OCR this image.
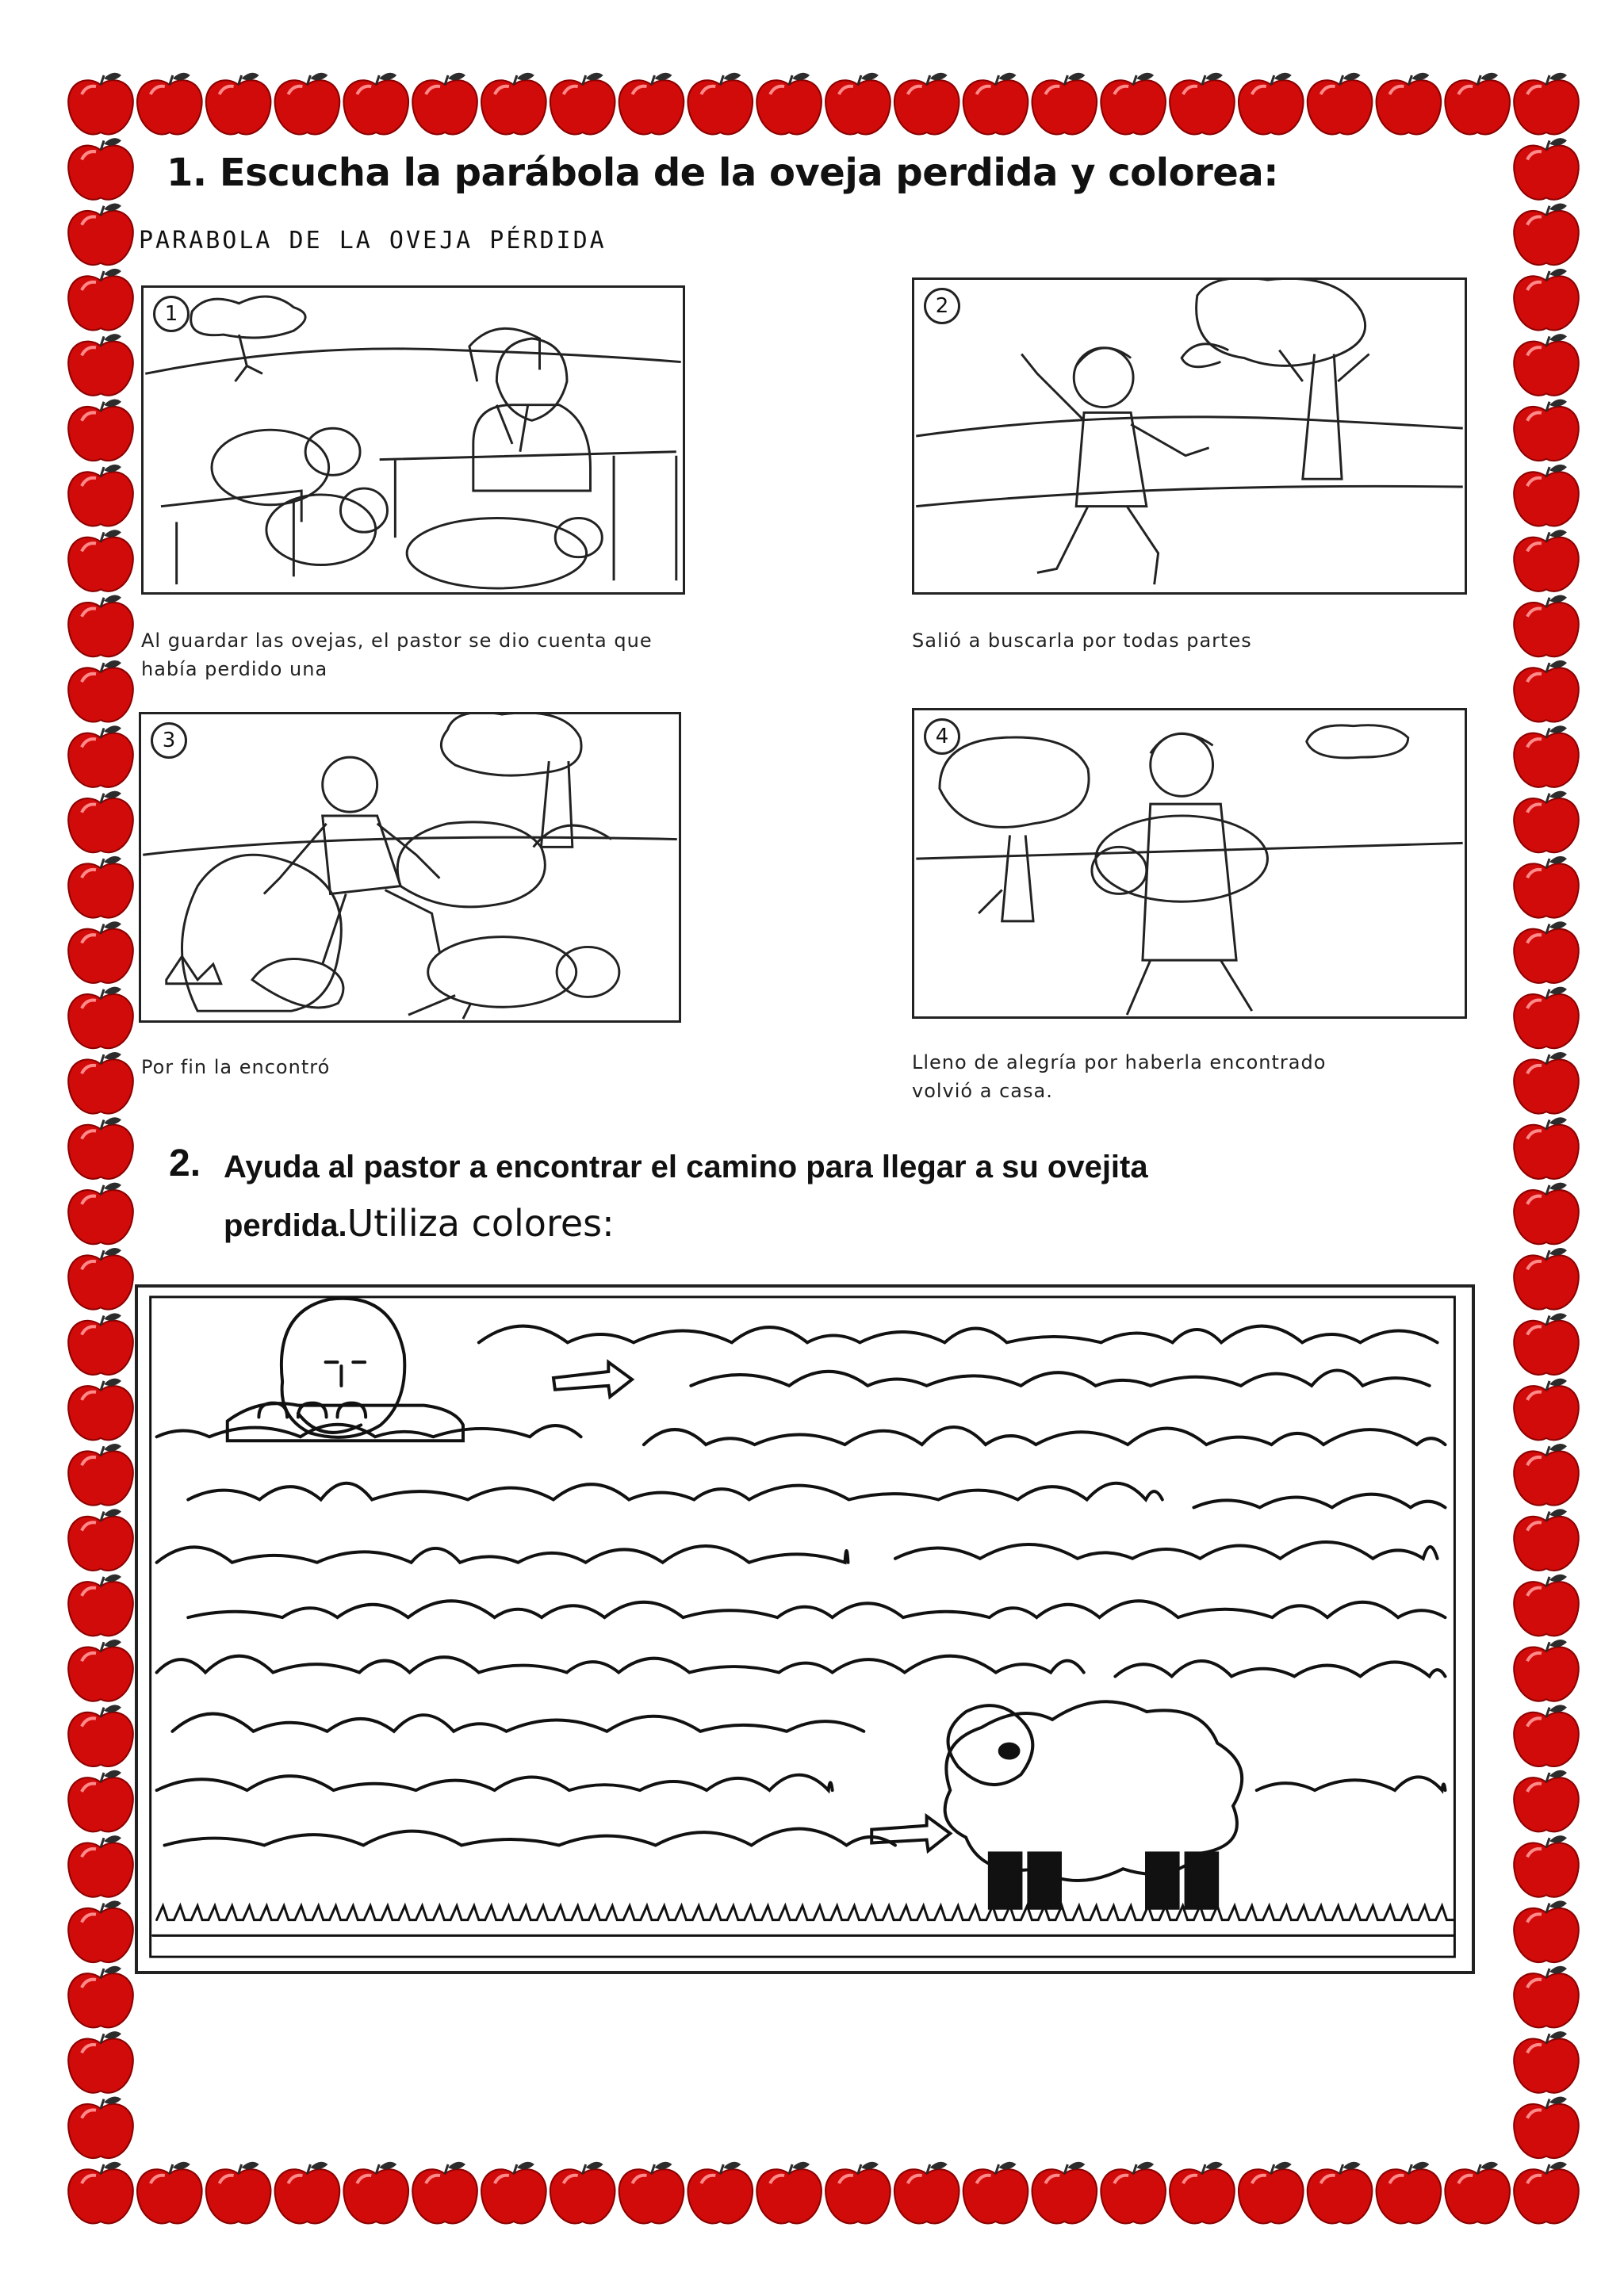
1. Escucha la parábola de la oveja perdida y colorea:
PARABOLA DE LA OVEJA PÉRDIDA
1	2
Al guardar las ovejas, el pastor se dio cuenta que
había perdido una
Salió a buscarla por todas partes
3	4
Por fin la encontró	Lleno de alegría por haberla encontrado
volvió a casa.
2. Ayuda al pastor a encontrar el camino para llegar a su ovejita
perdida.Utiliza colores:
